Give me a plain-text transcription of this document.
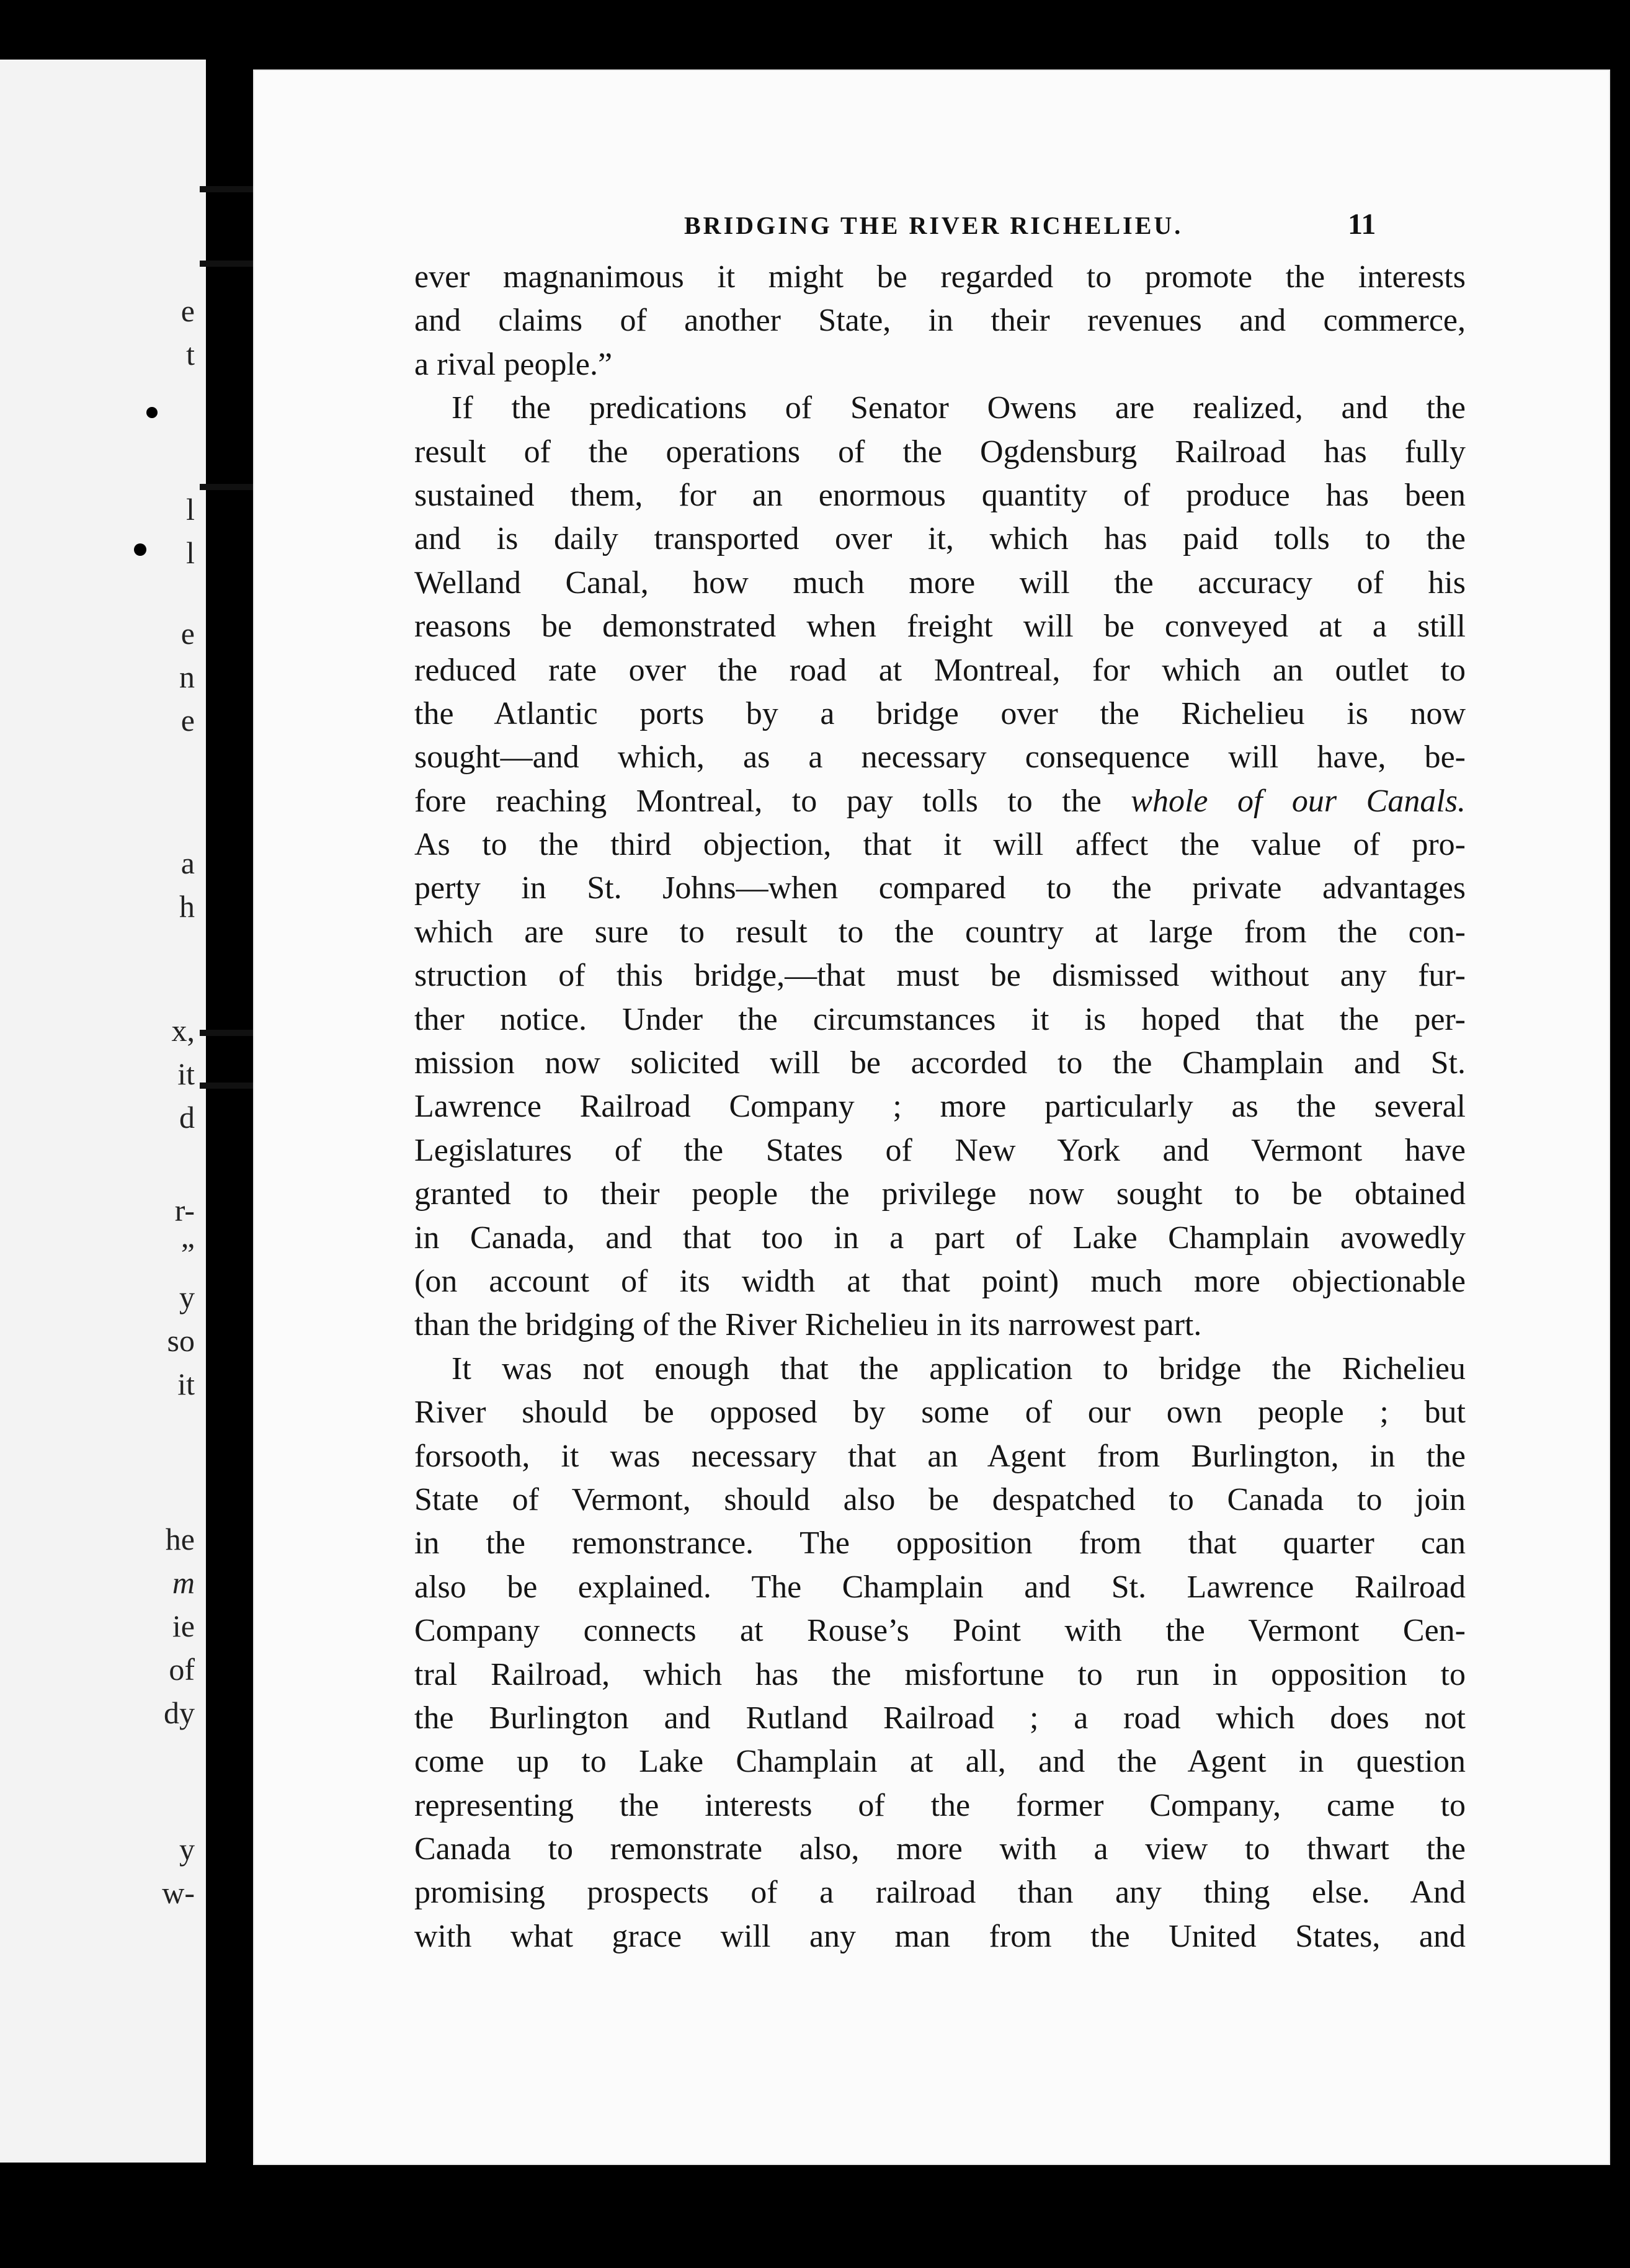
e
t
l
l
e
n
e
a
h
x,
it
d
r-
”
y
so
it
he
m
ie
of
dy
y
w-
BRIDGING THE RIVER RICHELIEU.	11
ever magnanimous it might be regarded to promote the interests
and claims of another State, in their revenues and commerce,
a rival people.”
If the predications of Senator Owens are realized, and the
result of the operations of the Ogdensburg Railroad has fully
sustained them, for an enormous quantity of produce has been
and is daily transported over it, which has paid tolls to the
Welland Canal, how much more will the accuracy of his
reasons be demonstrated when freight will be conveyed at a still
reduced rate over the road at Montreal, for which an outlet to
the Atlantic ports by a bridge over the Richelieu is now
sought—and which, as a necessary consequence will have, be-
fore reaching Montreal, to pay tolls to the whole of our Canals.
As to the third objection, that it will affect the value of pro-
perty in St. Johns—when compared to the private advantages
which are sure to result to the country at large from the con-
struction of this bridge,—that must be dismissed without any fur-
ther notice. Under the circumstances it is hoped that the per-
mission now solicited will be accorded to the Champlain and St.
Lawrence Railroad Company ; more particularly as the several
Legislatures of the States of New York and Vermont have
granted to their people the privilege now sought to be obtained
in Canada, and that too in a part of Lake Champlain avowedly
(on account of its width at that point) much more objectionable
than the bridging of the River Richelieu in its narrowest part.
It was not enough that the application to bridge the Richelieu
River should be opposed by some of our own people ; but
forsooth, it was necessary that an Agent from Burlington, in the
State of Vermont, should also be despatched to Canada to join
in the remonstrance. The opposition from that quarter can
also be explained. The Champlain and St. Lawrence Railroad
Company connects at Rouse’s Point with the Vermont Cen-
tral Railroad, which has the misfortune to run in opposition to
the Burlington and Rutland Railroad ; a road which does not
come up to Lake Champlain at all, and the Agent in question
representing the interests of the former Company, came to
Canada to remonstrate also, more with a view to thwart the
promising prospects of a railroad than any thing else. And
with what grace will any man from the United States, and
